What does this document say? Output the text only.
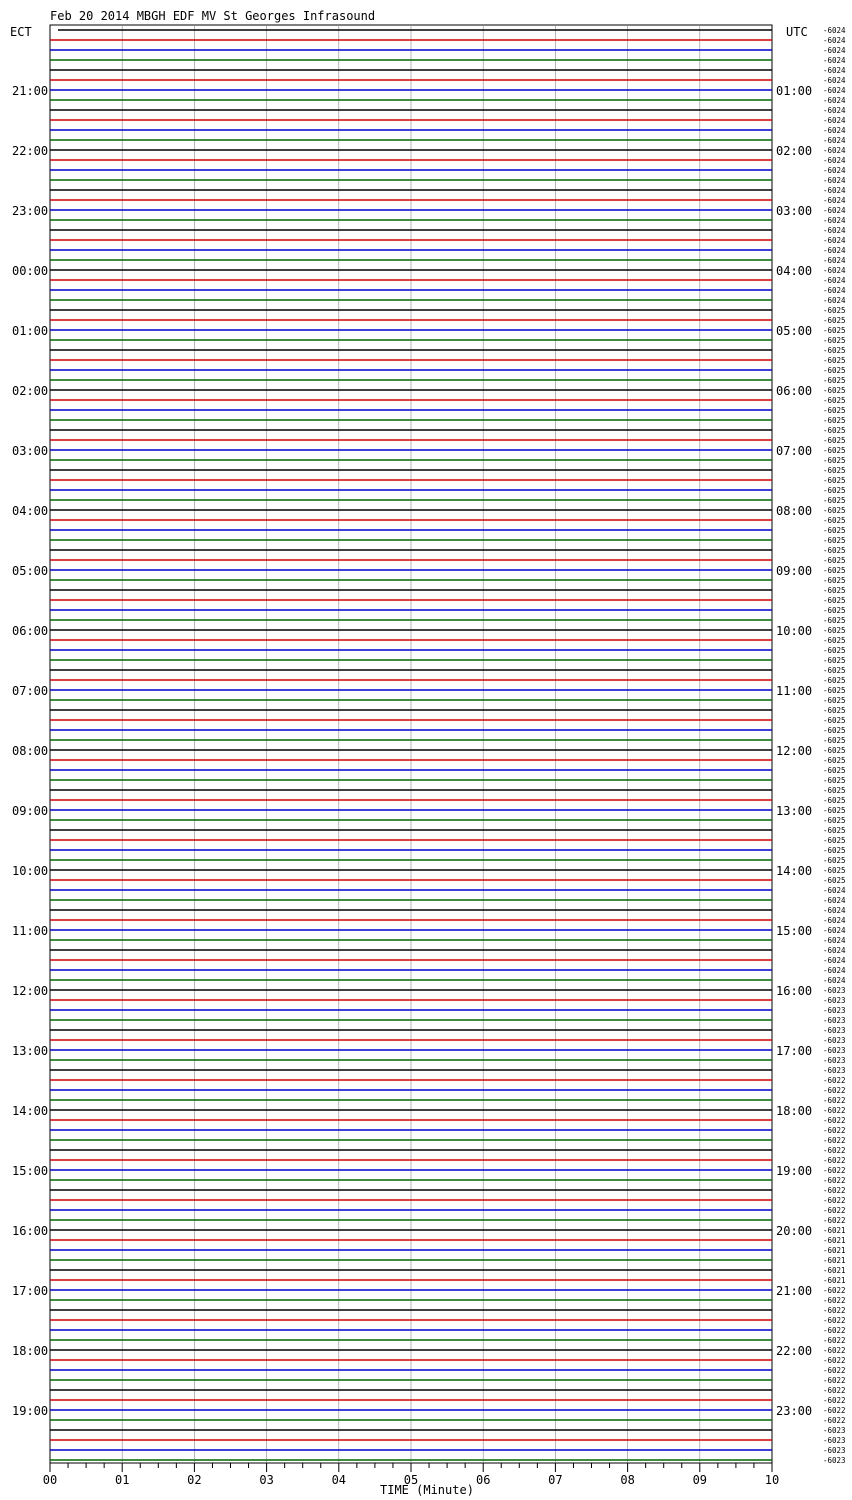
Feb 20 2014 MBGH EDF MV St Georges Infrasound
ECT	UTC -6024
-6024
-6024
-6024
-6024
-6024
-6024
-6024
-6024
-6024
-6024
-6024
-6024
-6024
-6024
-6024
-6024
-6024
-6024
-6024
-6024
-6024
-6024
-6024
-6024
-6024
-6024
-6024
-6025
-6025
-6025
-6025
-6025
-6025
-6025
-6025
-6025
-6025
-6025
-6025
-6025
-6025
-6025
-6025
-6025
-6025
-6025
-6025
-6025
-6025
-6025
-6025
-6025
-6025
-6025
-6025
-6025
-6025
-6025
-6025
-6025
-6025
-6025
-6025
-6025
-6025
-6025
-6025
-6025
-6025
-6025
-6025
-6025
-6025
-6025
-6025
-6025
-6025
-6025
-6025
-6025
-6025
-6025
-6025
-6025
-6025
-6024
-6024
-6024
-6024
-6024
-6024
-6024
-6024
-6024
-6024
-6023
-6023
-6023
-6023
-6023
-6023
-6023
-6023
-6023
-6022
-6022
-6022
-6022
-6022
-6022
-6022
-6022
-6022
-6022
-6022
-6022
-6022
-6022
-6022
-6021
-6021
-6021
-6021
-6021
-6021
-6022
-6022
-6022
-6022
-6022
-6022
-6022
-6022
-6022
-6022
-6022
-6022
-6022
-6022
-6023
-6023
-6023
-6023
21:00
22:00
23:00
00:00
01:00
02:00
03:00
04:00
05:00
06:00
07:00
08:00
09:00
10:00
11:00
12:00
13:00
14:00
15:00
16:00
17:00
18:00
19:00
01:00
02:00
03:00
04:00
05:00
06:00
07:00
08:00
09:00
10:00
11:00
12:00
13:00
14:00
15:00
16:00
17:00
18:00
19:00
20:00
21:00
22:00
23:00
00	01	02	03	04	05	06	07	08	09	10
TIME (Minute)
